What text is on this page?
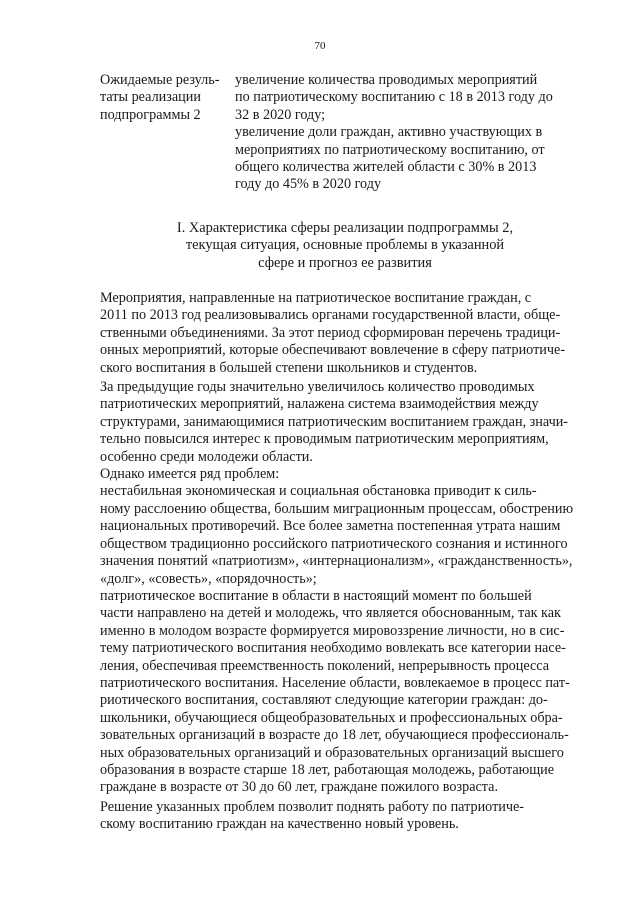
70
Ожидаемые резуль-
таты реализации
подпрограммы 2

увеличение количества проводимых мероприятий
по патриотическому воспитанию с 18 в 2013 году до
32 в 2020 году;

увеличение доли граждан, активно участвующих в
мероприятиях по патриотическому воспитанию, от
общего количества жителей области с 30% в 2013
году до 45% в 2020 году

I. Характеристика сферы реализации подпрограммы 2,
текущая ситуация, основные проблемы в указанной
сфере и прогноз ее развития

Мероприятия, направленные на патриотическое воспитание граждан, с
2011 по 2013 год реализовывались органами государственной власти, обще-
ственными объединениями. За этот период сформирован перечень традици-
онных мероприятий, которые обеспечивают вовлечение в сферу патриотиче-
ского воспитания в большей степени школьников и студентов.

За предыдущие годы значительно увеличилось количество проводимых
патриотических мероприятий, налажена система взаимодействия между
структурами, занимающимися патриотическим воспитанием граждан, значи-
тельно повысился интерес к проводимым патриотическим мероприятиям,
особенно среди молодежи области.

Однако имеется ряд проблем:

нестабильная экономическая и социальная обстановка приводит к силь-
ному расслоению общества, большим миграционным процессам, обострению
национальных противоречий. Все более заметна постепенная утрата нашим
обществом традиционно российского патриотического сознания и истинного
значения понятий «патриотизм», «интернационализм», «гражданственность»,
«долг», «совесть», «порядочность»;

патриотическое воспитание в области в настоящий момент по большей
части направлено на детей и молодежь, что является обоснованным, так как
именно в молодом возрасте формируется мировоззрение личности, но в сис-
тему патриотического воспитания необходимо вовлекать все категории насе-
ления, обеспечивая преемственность поколений, непрерывность процесса
патриотического воспитания. Население области, вовлекаемое в процесс пат-
риотического воспитания, составляют следующие категории граждан: до-
школьники, обучающиеся общеобразовательных и профессиональных обра-
зовательных организаций в возрасте до 18 лет, обучающиеся профессиональ-
ных образовательных организаций и образовательных организаций высшего
образования в возрасте старше 18 лет, работающая молодежь, работающие
граждане в возрасте от 30 до 60 лет, граждане пожилого возраста.

Решение указанных проблем позволит поднять работу по патриотиче-
скому воспитанию граждан на качественно новый уровень.
